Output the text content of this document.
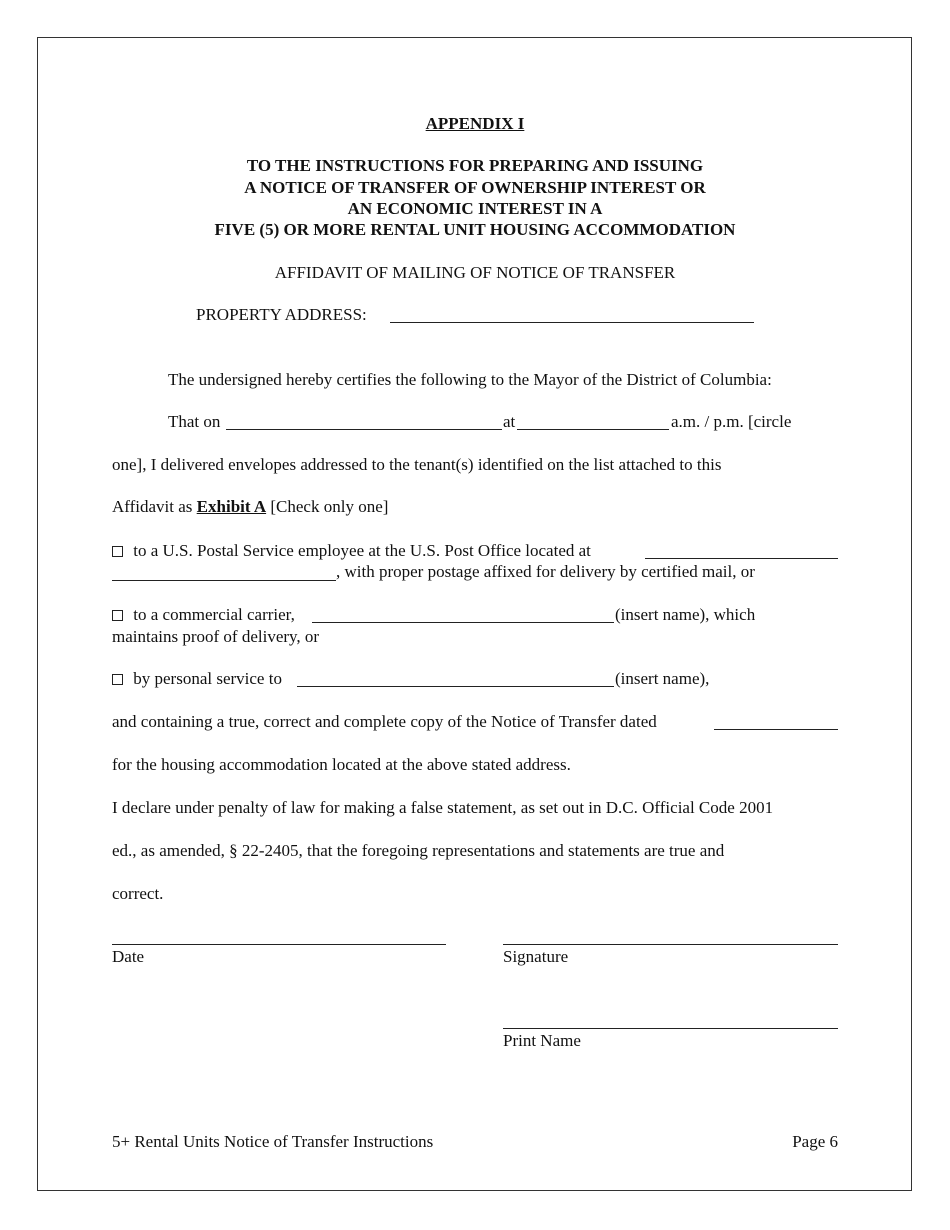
APPENDIX I
TO THE INSTRUCTIONS FOR PREPARING AND ISSUING
A NOTICE OF TRANSFER OF OWNERSHIP INTEREST OR
AN ECONOMIC INTEREST IN A
FIVE (5) OR MORE RENTAL UNIT HOUSING ACCOMMODATION
AFFIDAVIT OF MAILING OF NOTICE OF TRANSFER
PROPERTY ADDRESS:
The undersigned hereby certifies the following to the Mayor of the District of Columbia:
That on	at	a.m. / p.m. [circle
one], I delivered envelopes addressed to the tenant(s) identified on the list attached to this
Affidavit as Exhibit A [Check only one]
to a U.S. Postal Service employee at the U.S. Post Office located at
, with proper postage affixed for delivery by certified mail, or
to a commercial carrier,	(insert name), which
maintains proof of delivery, or
by personal service to	(insert name),
and containing a true, correct and complete copy of the Notice of Transfer dated
for the housing accommodation located at the above stated address.
I declare under penalty of law for making a false statement, as set out in D.C. Official Code 2001
ed., as amended, § 22-2405, that the foregoing representations and statements are true and
correct.
Date	Signature
Print Name
5+ Rental Units Notice of Transfer Instructions	Page 6
